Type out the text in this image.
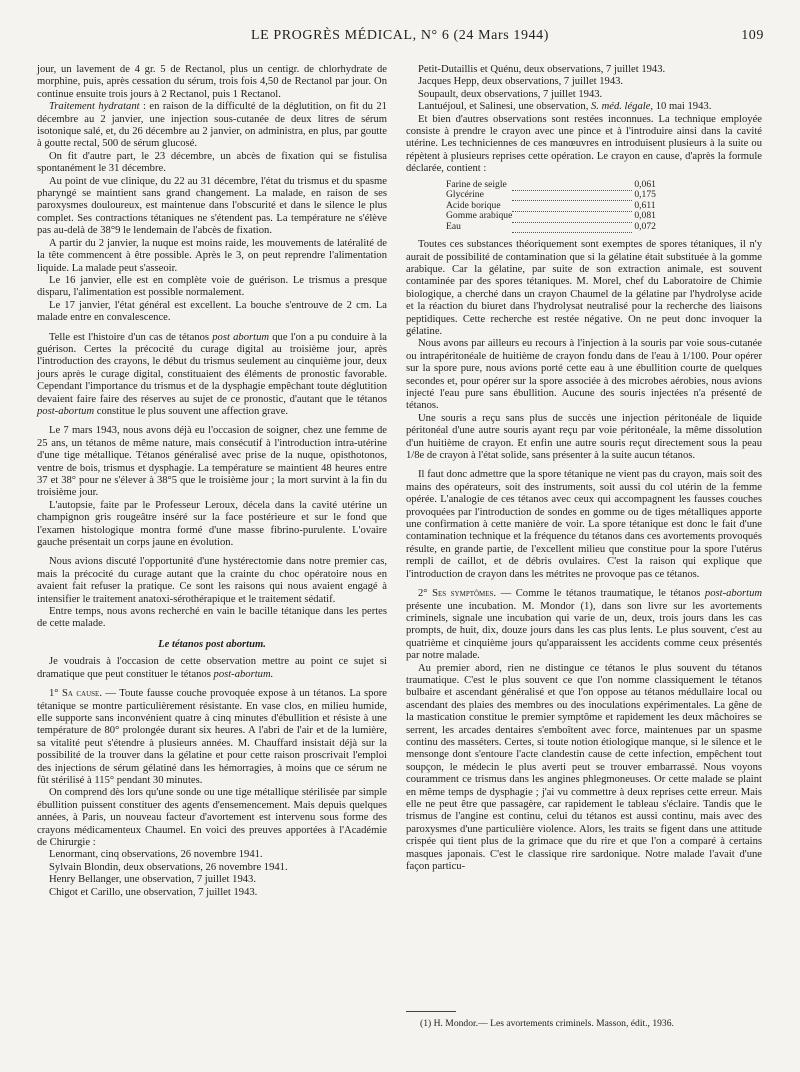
LE PROGRÈS MÉDICAL, N° 6 (24 Mars 1944)	109

jour, un lavement de 4 gr. 5 de Rectanol, plus un centigr. de chlorhydrate de morphine, puis, après cessation du sérum, trois fois 4,50 de Rectanol par jour. On continue ensuite trois jours à 2 Rectanol, puis 1 Rectanol.

Traitement hydratant : en raison de la difficulté de la déglutition, on fit du 21 décembre au 2 janvier, une injection sous-cutanée de deux litres de sérum isotonique salé, et, du 26 décembre au 2 janvier, on administra, en plus, par goutte à goutte rectal, 500 de sérum glucosé.

On fit d'autre part, le 23 décembre, un abcès de fixation qui se fistulisa spontanément le 31 décembre.

Au point de vue clinique, du 22 au 31 décembre, l'état du trismus et du spasme pharyngé se maintient sans grand changement. La malade, en raison de ses paroxysmes douloureux, est maintenue dans l'obscurité et dans le silence le plus complet. Ses contractions tétaniques ne s'étendent pas. La température ne s'élève pas au-delà de 38°9 le lendemain de l'abcès de fixation.

A partir du 2 janvier, la nuque est moins raide, les mouvements de latéralité de la tête commencent à être possible. Après le 3, on peut reprendre l'alimentation liquide. La malade peut s'asseoir.

Le 16 janvier, elle est en complète voie de guérison. Le trismus a presque disparu, l'alimentation est possible normalement.

Le 17 janvier, l'état général est excellent. La bouche s'entrouve de 2 cm. La malade entre en convalescence.

Telle est l'histoire d'un cas de tétanos post abortum que l'on a pu conduire à la guérison. Certes la précocité du curage digital au troisième jour, après l'introduction des crayons, le début du trismus seulement au cinquième jour, deux jours après le curage digital, constituaient des éléments de pronostic favorable. Cependant l'importance du trismus et de la dysphagie empêchant toute déglutition devaient faire faire des réserves au sujet de ce pronostic, d'autant que le tétanos post-abortum constitue le plus souvent une affection grave.

Le 7 mars 1943, nous avons déjà eu l'occasion de soigner, chez une femme de 25 ans, un tétanos de même nature, mais consécutif à l'introduction intra-utérine d'une tige métallique. Tétanos généralisé avec prise de la nuque, opisthotonos, ventre de bois, trismus et dysphagie. La température se maintient 48 heures entre 37 et 38° pour ne s'élever à 38°5 que le troisième jour ; la mort survint à la fin du troisième jour.

L'autopsie, faite par le Professeur Leroux, décela dans la cavité utérine un champignon gris rougeâtre inséré sur la face postérieure et sur le fond que l'examen histologique montra formé d'une masse fibrino-purulente. L'ovaire gauche présentait un corps jaune en évolution.

Nous avions discuté l'opportunité d'une hystérectomie dans notre premier cas, mais la précocité du curage autant que la crainte du choc opératoire nous en avaient fait refuser la pratique. Ce sont les raisons qui nous avaient engagé à intensifier le traitement anatoxi-sérothérapique et le traitement sédatif.

Entre temps, nous avons recherché en vain le bacille tétanique dans les pertes de cette malade.

Le tétanos post abortum.

Je voudrais à l'occasion de cette observation mettre au point ce sujet si dramatique que peut constituer le tétanos post-abortum.

1° Sa cause. — Toute fausse couche provoquée expose à un tétanos. La spore tétanique se montre particulièrement résistante. En vase clos, en milieu humide, elle supporte sans inconvénient quatre à cinq minutes d'ébullition et résiste à une température de 80° prolongée durant six heures. A l'abri de l'air et de la lumière, sa vitalité peut s'étendre à plusieurs années. M. Chauffard insistait déjà sur la possibilité de la trouver dans la gélatine et pour cette raison proscrivait l'emploi des injections de sérum gélatiné dans les hémorragies, à moins que ce sérum ne fût stérilisé à 115° pendant 30 minutes.

On comprend dès lors qu'une sonde ou une tige métallique stérilisée par simple ébullition puissent constituer des agents d'ensemencement. Mais depuis quelques années, à Paris, un nouveau facteur d'avortement est intervenu sous forme des crayons médicamenteux Chaumel. En voici des preuves apportées à l'Académie de Chirurgie :

Lenormant, cinq observations, 26 novembre 1941.

Sylvain Blondin, deux observations, 26 novembre 1941.

Henry Bellanger, une observation, 7 juillet 1943.

Chigot et Carillo, une observation, 7 juillet 1943.

Petit-Dutaillis et Quénu, deux observations, 7 juillet 1943.

Jacques Hepp, deux observations, 7 juillet 1943.

Soupault, deux observations, 7 juillet 1943.

Lantuéjoul, et Salinesi, une observation, S. méd. légale, 10 mai 1943.

Et bien d'autres observations sont restées inconnues. La technique employée consiste à prendre le crayon avec une pince et à l'introduire ainsi dans la cavité utérine. Les techniciennes de ces manœuvres en introduisent plusieurs à la suite ou répètent à plusieurs reprises cette opération. Le crayon en cause, d'après la formule déclarée, contient :

Farine de seigle		0,061
Glycérine		0,175
Acide borique		0,611
Gomme arabique		0,081
Eau		0,072

Toutes ces substances théoriquement sont exemptes de spores tétaniques, il n'y aurait de possibilité de contamination que si la gélatine était substituée à la gomme arabique. Car la gélatine, par suite de son extraction animale, est souvent contaminée par des spores tétaniques. M. Morel, chef du Laboratoire de Chimie biologique, a cherché dans un crayon Chaumel de la gélatine par l'hydrolyse acide et la réaction du biuret dans l'hydrolysat neutralisé pour la recherche des liaisons peptidiques. Cette recherche est restée négative. On ne peut donc invoquer la gélatine.

Nous avons par ailleurs eu recours à l'injection à la souris par voie sous-cutanée ou intrapéritonéale de huitième de crayon fondu dans de l'eau à 1/100. Pour opérer sur la spore pure, nous avions porté cette eau à une ébullition courte de quelques secondes et, pour opérer sur la spore associée à des microbes aérobies, nous avions injecté l'eau pure sans ébullition. Aucune des souris injectées n'a présenté de tétanos.

Une souris a reçu sans plus de succès une injection péritonéale de liquide péritonéal d'une autre souris ayant reçu par voie péritonéale, la même dissolution d'un huitième de crayon. Et enfin une autre souris reçut directement sous la peau 1/8e de crayon à l'état solide, sans présenter à la suite aucun tétanos.

Il faut donc admettre que la spore tétanique ne vient pas du crayon, mais soit des mains des opérateurs, soit des instruments, soit aussi du col utérin de la femme opérée. L'analogie de ces tétanos avec ceux qui accompagnent les fausses couches provoquées par l'introduction de sondes en gomme ou de tiges métalliques apporte une confirmation à cette manière de voir. La spore tétanique est donc le fait d'une contamination technique et la fréquence du tétanos dans ces avortements provoqués résulte, en grande partie, de l'excellent milieu que constitue pour la spore l'utérus rempli de caillot, et de débris ovulaires. C'est la raison qui explique que l'introduction de crayon dans les métrites ne provoque pas ce tétanos.

2° Ses symptômes. — Comme le tétanos traumatique, le tétanos post-abortum présente une incubation. M. Mondor (1), dans son livre sur les avortements criminels, signale une incubation qui varie de un, deux, trois jours dans les cas prompts, de huit, dix, douze jours dans les cas plus lents. Le plus souvent, c'est au quatrième et cinquième jours qu'apparaissent les accidents comme ceux présentés par notre malade.

Au premier abord, rien ne distingue ce tétanos le plus souvent du tétanos traumatique. C'est le plus souvent ce que l'on nomme classiquement le tétanos bulbaire et ascendant généralisé et que l'on oppose au tétanos médullaire local ou ascendant des plaies des membres ou des inoculations expérimentales. La gêne de la mastication constitue le premier symptôme et rapidement les deux mâchoires se serrent, les arcades dentaires s'emboîtent avec force, maintenues par un spasme continu des masséters. Certes, si toute notion étiologique manque, si le silence et le mensonge dont s'entoure l'acte clandestin cause de cette infection, empêchent tout soupçon, le médecin le plus averti peut se trouver embarrassé. Nous voyons couramment ce trismus dans les angines phlegmoneuses. Or cette malade se plaint en même temps de dysphagie ; j'ai vu commettre à deux reprises cette erreur. Mais elle ne peut être que passagère, car rapidement le tableau s'éclaire. Tandis que le trismus de l'angine est continu, celui du tétanos est aussi continu, mais avec des paroxysmes d'une particulière violence. Alors, les traits se figent dans une attitude crispée qui tient plus de la grimace que du rire et que l'on a comparé à certains masques japonais. C'est le classique rire sardonique. Notre malade l'avait d'une façon particu-

(1) H. Mondor.— Les avortements criminels. Masson, édit., 1936.
